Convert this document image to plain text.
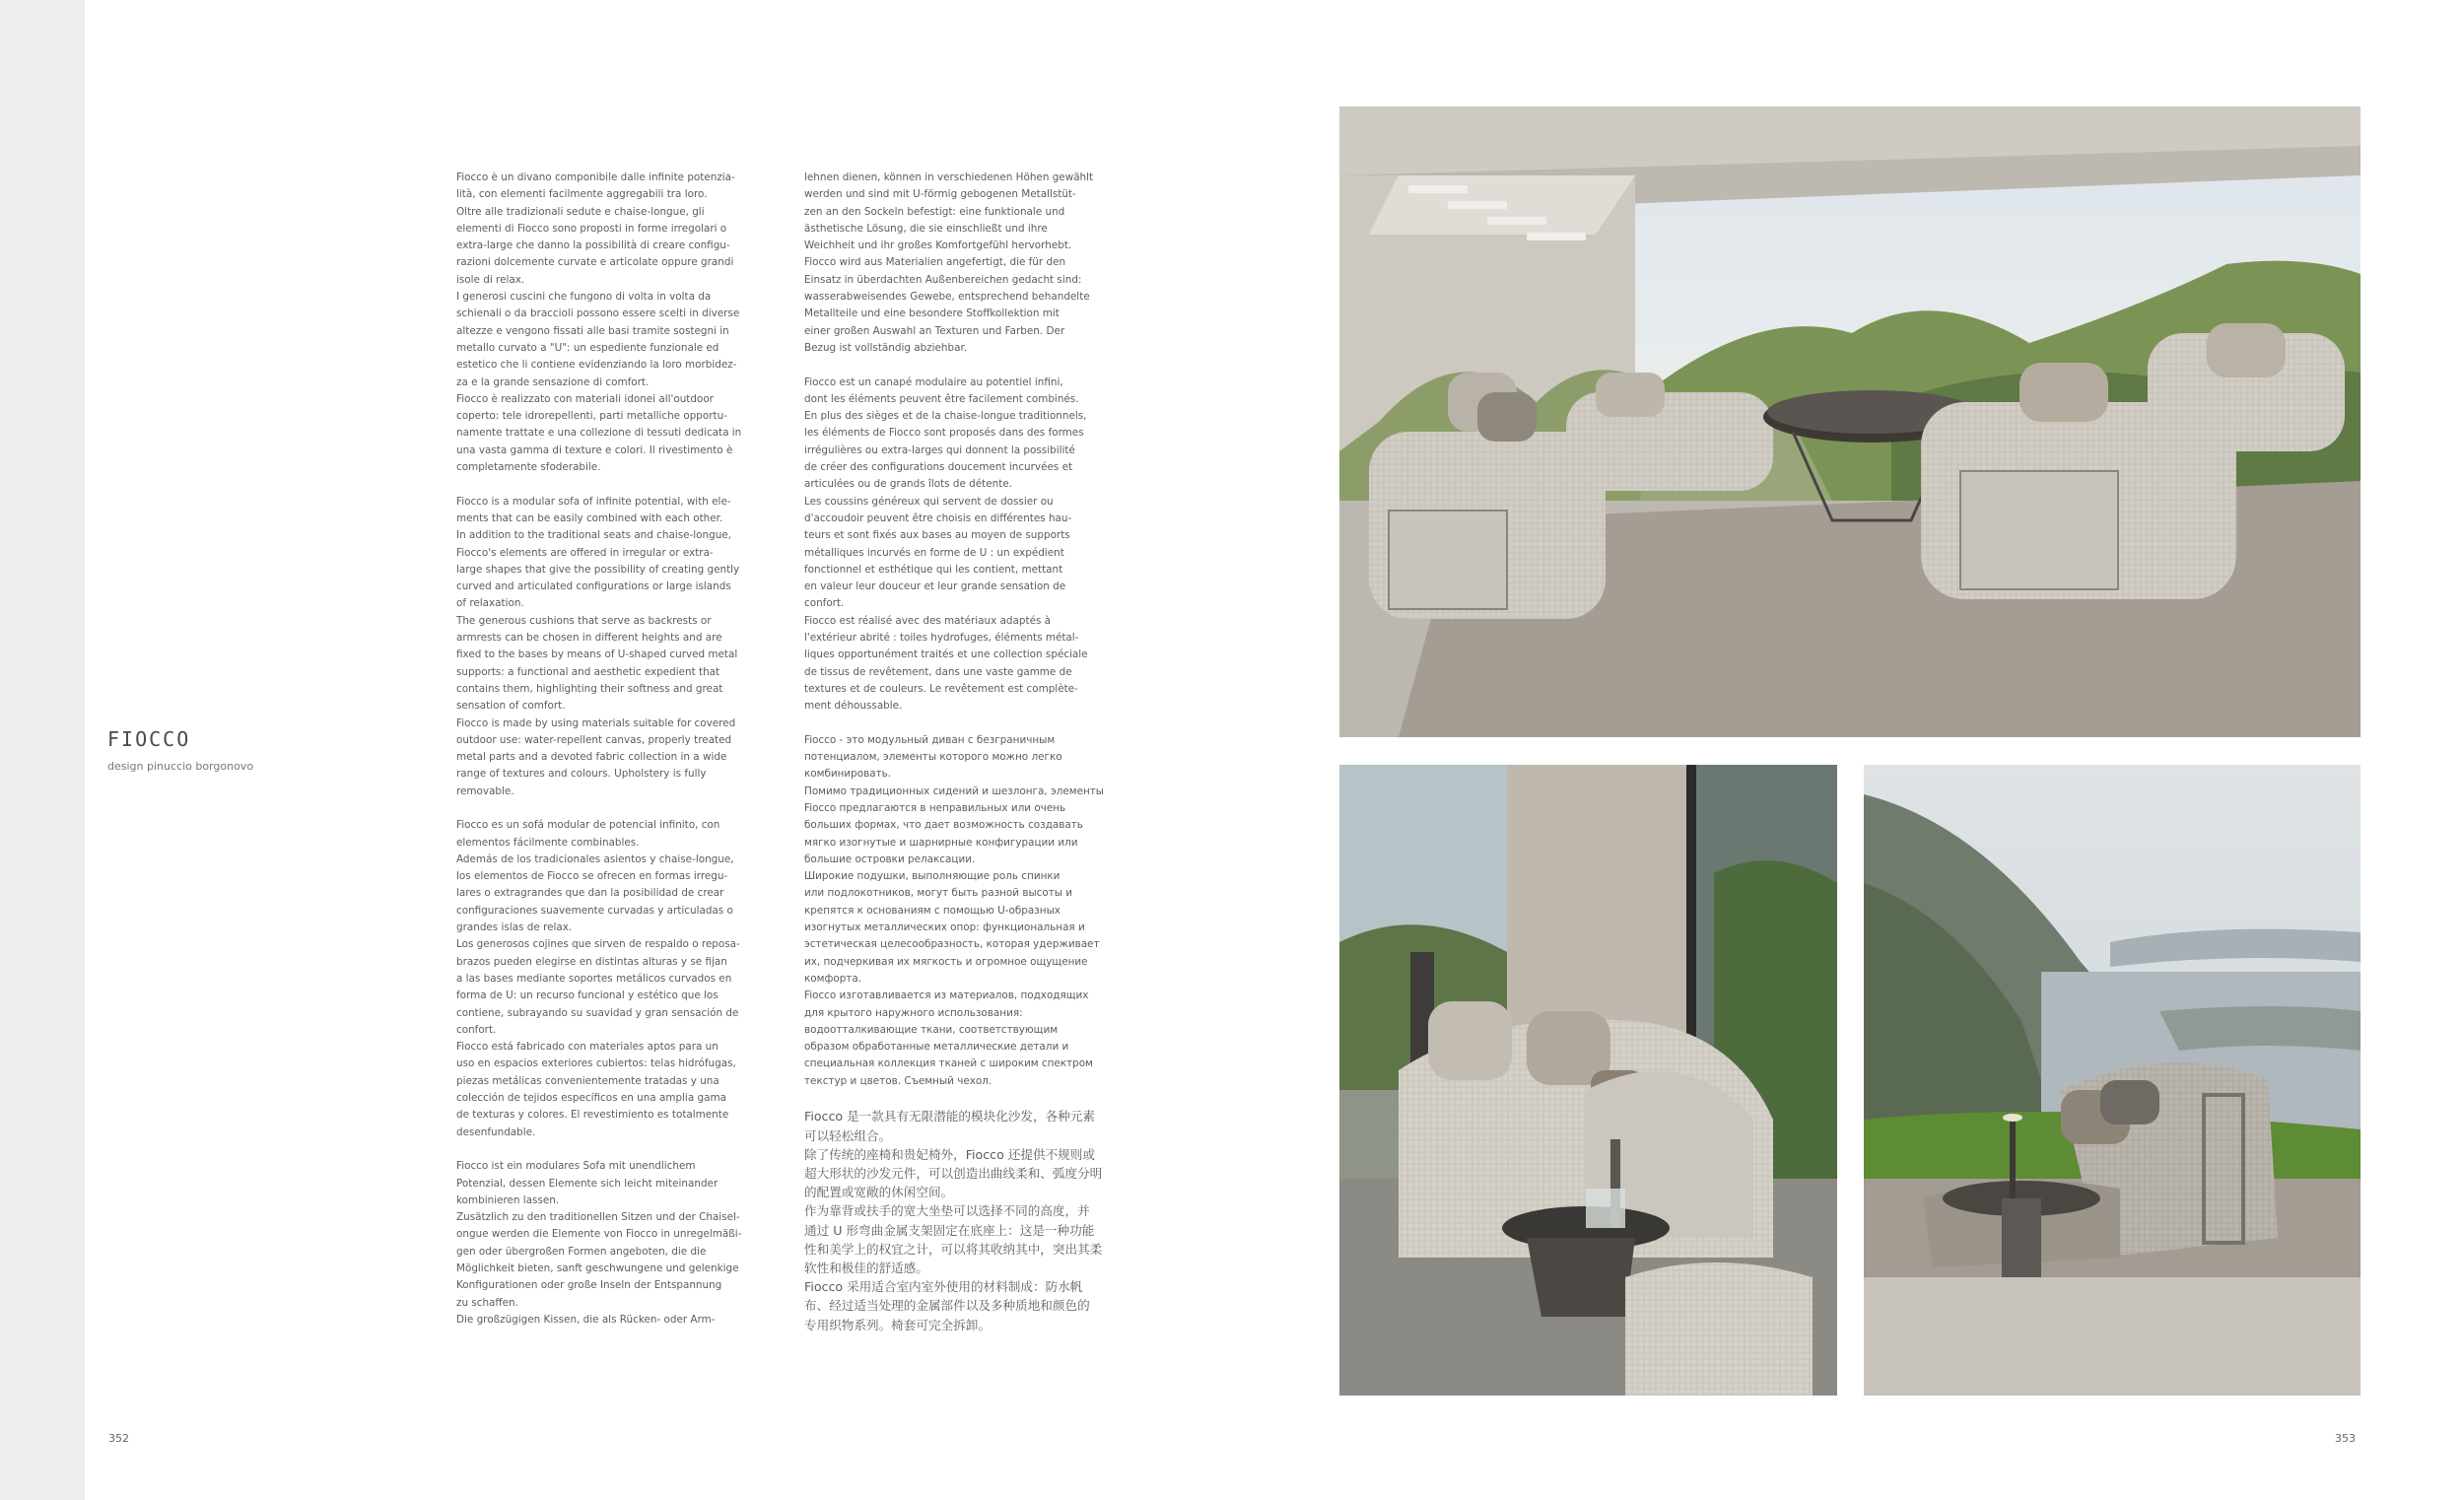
FIOCCO
design pinuccio borgonovo

Fiocco è un divano componibile dalle infinite potenzia-
lità, con elementi facilmente aggregabili tra loro.
Oltre alle tradizionali sedute e chaise-longue, gli
elementi di Fiocco sono proposti in forme irregolari o
extra-large che danno la possibilità di creare configu-
razioni dolcemente curvate e articolate oppure grandi
isole di relax.
I generosi cuscini che fungono di volta in volta da
schienali o da braccioli possono essere scelti in diverse
altezze e vengono fissati alle basi tramite sostegni in
metallo curvato a "U": un espediente funzionale ed
estetico che li contiene evidenziando la loro morbidez-
za e la grande sensazione di comfort.
Fiocco è realizzato con materiali idonei all'outdoor
coperto: tele idrorepellenti, parti metalliche opportu-
namente trattate e una collezione di tessuti dedicata in
una vasta gamma di texture e colori. Il rivestimento è
completamente sfoderabile.

Fiocco is a modular sofa of infinite potential, with ele-
ments that can be easily combined with each other.
In addition to the traditional seats and chaise-longue,
Fiocco's elements are offered in irregular or extra-
large shapes that give the possibility of creating gently
curved and articulated configurations or large islands
of relaxation.
The generous cushions that serve as backrests or
armrests can be chosen in different heights and are
fixed to the bases by means of U-shaped curved metal
supports: a functional and aesthetic expedient that
contains them, highlighting their softness and great
sensation of comfort.
Fiocco is made by using materials suitable for covered
outdoor use: water-repellent canvas, properly treated
metal parts and a devoted fabric collection in a wide
range of textures and colours. Upholstery is fully
removable.

Fiocco es un sofá modular de potencial infinito, con
elementos fácilmente combinables.
Además de los tradicionales asientos y chaise-longue,
los elementos de Fiocco se ofrecen en formas irregu-
lares o extragrandes que dan la posibilidad de crear
configuraciones suavemente curvadas y articuladas o
grandes islas de relax.
Los generosos cojines que sirven de respaldo o reposa-
brazos pueden elegirse en distintas alturas y se fijan
a las bases mediante soportes metálicos curvados en
forma de U: un recurso funcional y estético que los
contiene, subrayando su suavidad y gran sensación de
confort.
Fiocco está fabricado con materiales aptos para un
uso en espacios exteriores cubiertos: telas hidrófugas,
piezas metálicas convenientemente tratadas y una
colección de tejidos específicos en una amplia gama
de texturas y colores. El revestimiento es totalmente
desenfundable.

Fiocco ist ein modulares Sofa mit unendlichem
Potenzial, dessen Elemente sich leicht miteinander
kombinieren lassen.
Zusätzlich zu den traditionellen Sitzen und der Chaisel-
ongue werden die Elemente von Fiocco in unregelmäßi-
gen oder übergroßen Formen angeboten, die die
Möglichkeit bieten, sanft geschwungene und gelenkige
Konfigurationen oder große Inseln der Entspannung
zu schaffen.
Die großzügigen Kissen, die als Rücken- oder Arm-

lehnen dienen, können in verschiedenen Höhen gewählt
werden und sind mit U-förmig gebogenen Metallstüt-
zen an den Sockeln befestigt: eine funktionale und
ästhetische Lösung, die sie einschließt und ihre
Weichheit und ihr großes Komfortgefühl hervorhebt.
Fiocco wird aus Materialien angefertigt, die für den
Einsatz in überdachten Außenbereichen gedacht sind:
wasserabweisendes Gewebe, entsprechend behandelte
Metallteile und eine besondere Stoffkollektion mit
einer großen Auswahl an Texturen und Farben. Der
Bezug ist vollständig abziehbar.

Fiocco est un canapé modulaire au potentiel infini,
dont les éléments peuvent être facilement combinés.
En plus des sièges et de la chaise-longue traditionnels,
les éléments de Fiocco sont proposés dans des formes
irrégulières ou extra-larges qui donnent la possibilité
de créer des configurations doucement incurvées et
articulées ou de grands îlots de détente.
Les coussins généreux qui servent de dossier ou
d'accoudoir peuvent être choisis en différentes hau-
teurs et sont fixés aux bases au moyen de supports
métalliques incurvés en forme de U : un expédient
fonctionnel et esthétique qui les contient, mettant
en valeur leur douceur et leur grande sensation de
confort.
Fiocco est réalisé avec des matériaux adaptés à
l'extérieur abrité : toiles hydrofuges, éléments métal-
liques opportunément traités et une collection spéciale
de tissus de revêtement, dans une vaste gamme de
textures et de couleurs. Le revêtement est complète-
ment déhoussable.

Fiocco - это модульный диван с безграничным
потенциалом, элементы которого можно легко
комбинировать.
Помимо традиционных сидений и шезлонга, элементы
Fiocco предлагаются в неправильных или очень
больших формах, что дает возможность создавать
мягко изогнутые и шарнирные конфигурации или
большие островки релаксации.
Широкие подушки, выполняющие роль спинки
или подлокотников, могут быть разной высоты и
крепятся к основаниям с помощью U-образных
изогнутых металлических опор: функциональная и
эстетическая целесообразность, которая удерживает
их, подчеркивая их мягкость и огромное ощущение
комфорта.
Fiocco изготавливается из материалов, подходящих
для крытого наружного использования:
водоотталкивающие ткани, соответствующим
образом обработанные металлические детали и
специальная коллекция тканей с широким спектром
текстур и цветов. Съемный чехол.

Fiocco 是一款具有无限潜能的模块化沙发，各种元素
可以轻松组合。
除了传统的座椅和贵妃椅外，Fiocco 还提供不规则或
超大形状的沙发元件，可以创造出曲线柔和、弧度分明
的配置或宽敞的休闲空间。
作为靠背或扶手的宽大坐垫可以选择不同的高度，并
通过 U 形弯曲金属支架固定在底座上：这是一种功能
性和美学上的权宜之计，可以将其收纳其中，突出其柔
软性和极佳的舒适感。
Fiocco 采用适合室内室外使用的材料制成：防水帆
布、经过适当处理的金属部件以及多种质地和颜色的
专用织物系列。椅套可完全拆卸。

352	353
